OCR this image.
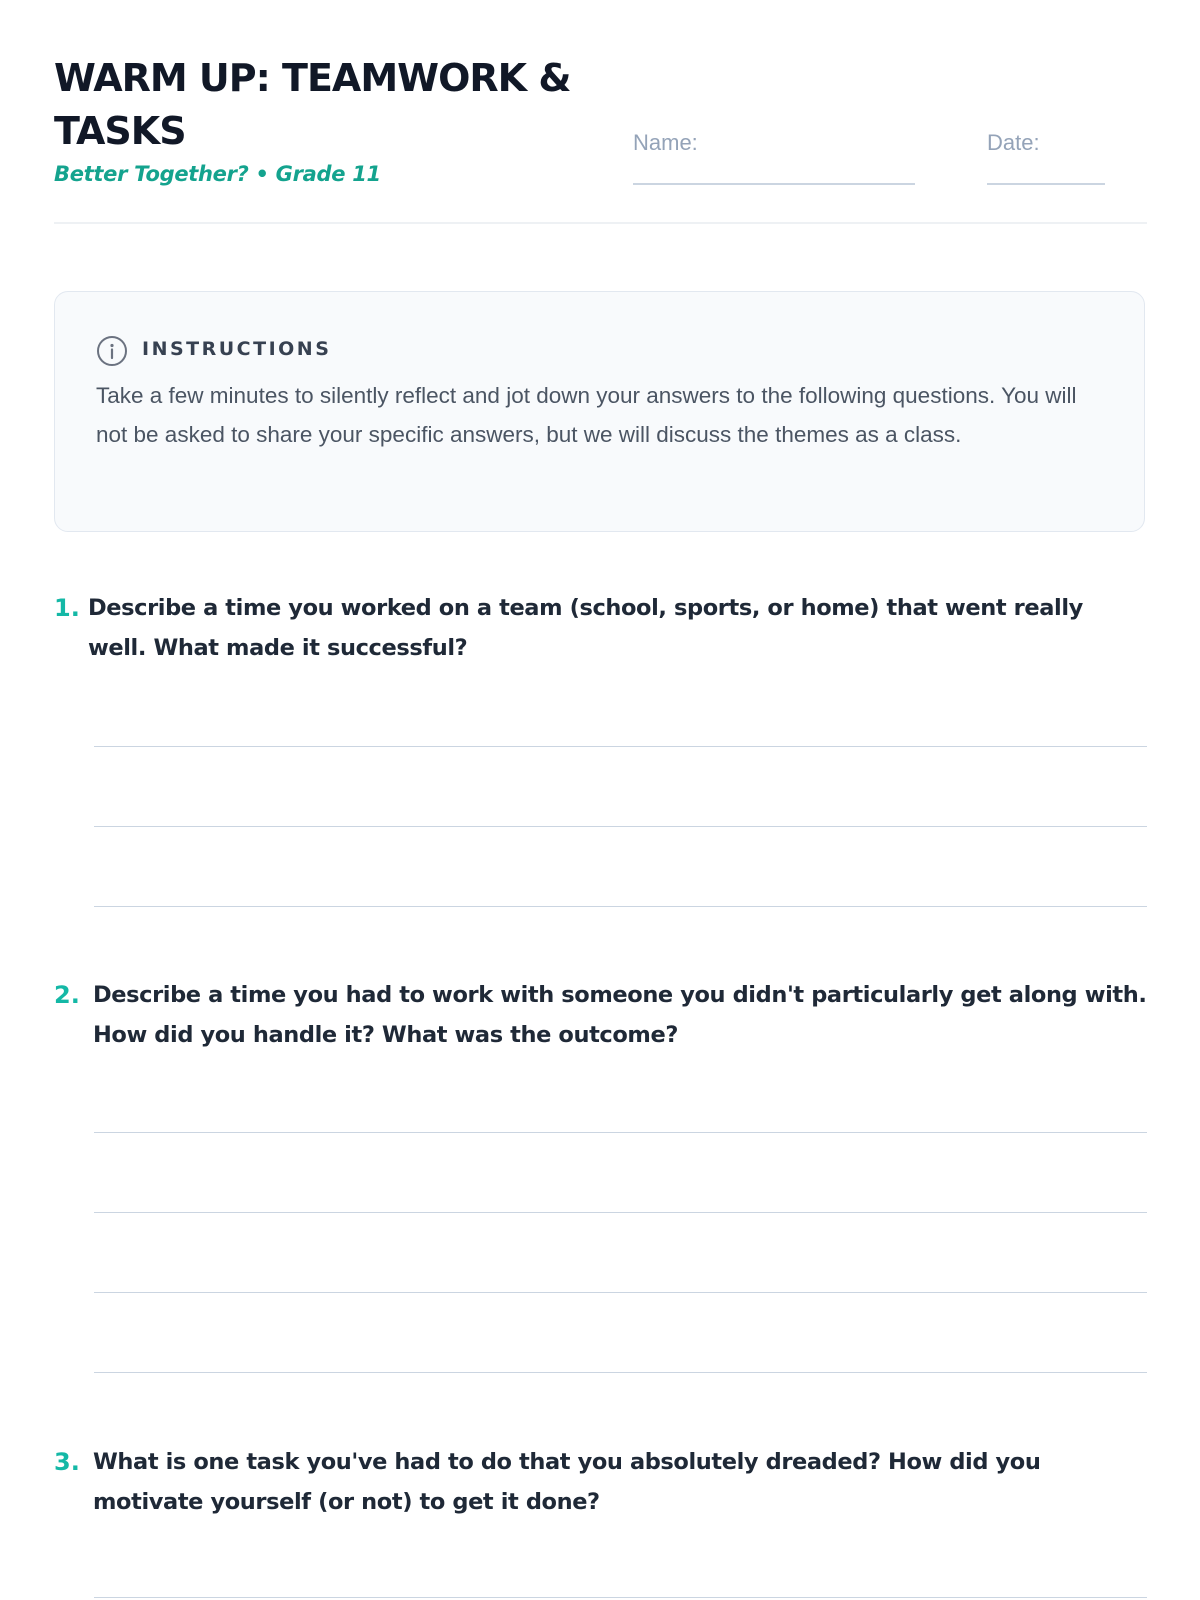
WARM UP: TEAMWORK & TASKS
Better Together? • Grade 11
Name:	Date:
INSTRUCTIONS

Take a few minutes to silently reflect and jot down your answers to the following questions. You will not be asked to share your specific answers, but we will discuss the themes as a class.

1. Describe a time you worked on a team (school, sports, or home) that went really well. What made it successful?

2. Describe a time you had to work with someone you didn't particularly get along with. How did you handle it? What was the outcome?

3. What is one task you've had to do that you absolutely dreaded? How did you motivate yourself (or not) to get it done?
